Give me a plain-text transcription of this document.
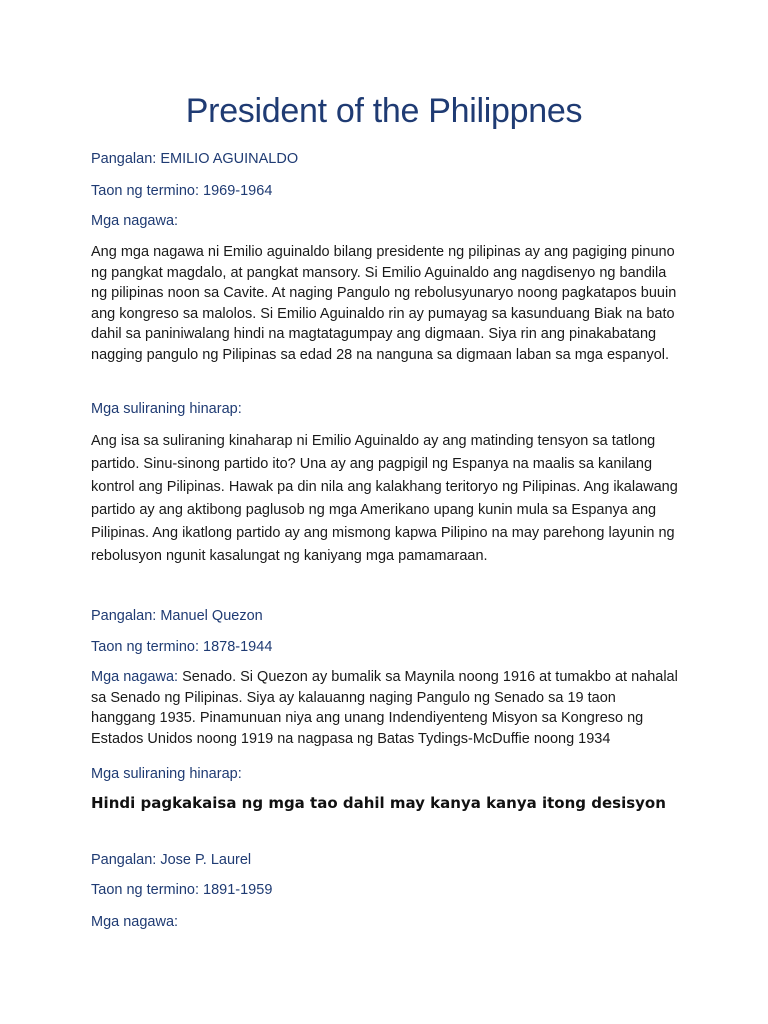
President of the Philippnes

Pangalan: EMILIO AGUINALDO

Taon ng termino: 1969-1964

Mga nagawa:

Ang mga nagawa ni Emilio aguinaldo bilang presidente ng pilipinas ay ang pagiging pinuno ng pangkat magdalo, at pangkat mansory. Si Emilio Aguinaldo ang nagdisenyo ng bandila ng pilipinas noon sa Cavite. At naging Pangulo ng rebolusyunaryo noong pagkatapos buuin ang kongreso sa malolos. Si Emilio Aguinaldo rin ay pumayag sa kasunduang Biak na bato dahil sa paniniwalang hindi na magtatagumpay ang digmaan. Siya rin ang pinakabatang nagging pangulo ng Pilipinas sa edad 28 na nanguna sa digmaan laban sa mga espanyol.

Mga suliraning hinarap:

Ang isa sa suliraning kinaharap ni Emilio Aguinaldo ay ang matinding tensyon sa tatlong partido. Sinu-sinong partido ito? Una ay ang pagpigil ng Espanya na maalis sa kanilang kontrol ang Pilipinas. Hawak pa din nila ang kalakhang teritoryo ng Pilipinas. Ang ikalawang partido ay ang aktibong paglusob ng mga Amerikano upang kunin mula sa Espanya ang Pilipinas. Ang ikatlong partido ay ang mismong kapwa Pilipino na may parehong layunin ng rebolusyon ngunit kasalungat ng kaniyang mga pamamaraan.

Pangalan: Manuel Quezon

Taon ng termino: 1878-1944

Mga nagawa: Senado. Si Quezon ay bumalik sa Maynila noong 1916 at tumakbo at nahalal sa Senado ng Pilipinas. Siya ay kalauanng naging Pangulo ng Senado sa 19 taon hanggang 1935. Pinamunuan niya ang unang Indendiyenteng Misyon sa Kongreso ng Estados Unidos noong 1919 na nagpasa ng Batas Tydings-McDuffie noong 1934

Mga suliraning hinarap:

Hindi pagkakaisa ng mga tao dahil may kanya kanya itong desisyon

Pangalan: Jose P. Laurel

Taon ng termino: 1891-1959

Mga nagawa:
